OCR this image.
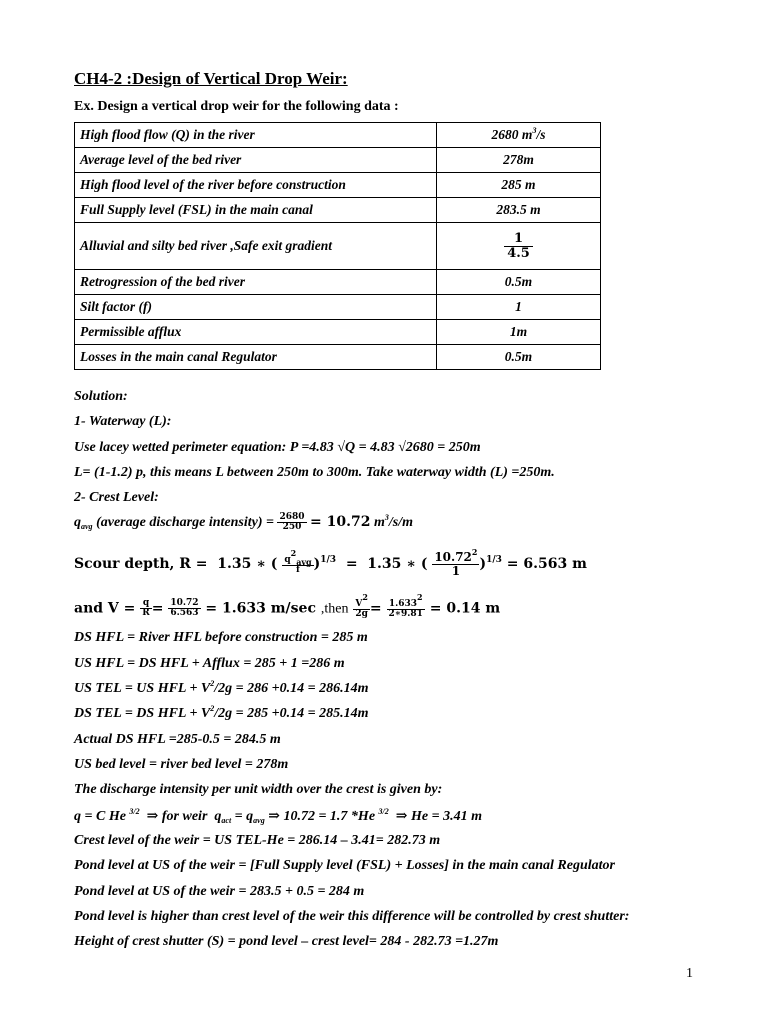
CH4-2 :Design of Vertical Drop Weir:
Ex. Design a vertical drop weir for the following data :
High flood flow (Q) in the river	2680 $m^3/s$
Average level of the bed river	278m
High flood level of the river before construction	285 m
Full Supply level (FSL) in the main canal	283.5 m
Alluvial and silty bed river ,Safe exit gradient	$\frac{1}{4.5}$

Retrogression of the bed river	0.5m
Silt factor (f)	1
Permissible afflux	1m
Losses in the main canal Regulator	0.5m
Solution:
1- Waterway (L):
Use lacey wetted perimeter equation: P =4.83 √Q = 4.83 √2680 = 250m
L= (1-1.2) p, this means L between 250m to 300m. Take waterway width (L) =250m.
2- Crest Level:
$q_{avg}$ (average discharge intensity) = $\frac{2680}{250} = 10.72$ $m^3/s/m$
Scour depth, R = 1.35 ∗ ( $q^2_{avg}$
f )$^{1/3}$ = 1.35 ∗ ( $\frac{10.72^2}{1} )^{1/3} = 6.563$ m
and $V = \frac{q}{R} = \frac{10.72}{6.563} = 1.633$ m/sec ,then $\frac{V^2}{2g} = \frac{1.633^2}{2∗9.81} = 0.14$ m
DS HFL = River HFL before construction = 285 m
US HFL = DS HFL + Afflux = 285 + 1 =286 m
US TEL = US HFL + $V^2/2g = 286 +0.14 = 286.14m$
DS TEL = DS HFL + $V^2/2g = 285 +0.14 = 285.14m$
Actual DS HFL =285-0.5 = 284.5 m
US bed level = river bed level = 278m
The discharge intensity per unit width over the crest is given by:
q = C He $^{3/2}$  ⇒ for weir  $q_{act} = q_{avg}$ ⇒ 10.72 = 1.7 *He $^{3/2}$  ⇒ He = 3.41 m
Crest level of the weir = US TEL-He = 286.14 – 3.41= 282.73 m
Pond level at US of the weir = [Full Supply level (FSL) + Losses] in the main canal Regulator
Pond level at US of the weir = 283.5 + 0.5 = 284 m
Pond level is higher than crest level of the weir this difference will be controlled by crest shutter:
Height of crest shutter (S) = pond level – crest level= 284 - 282.73 =1.27m
1
